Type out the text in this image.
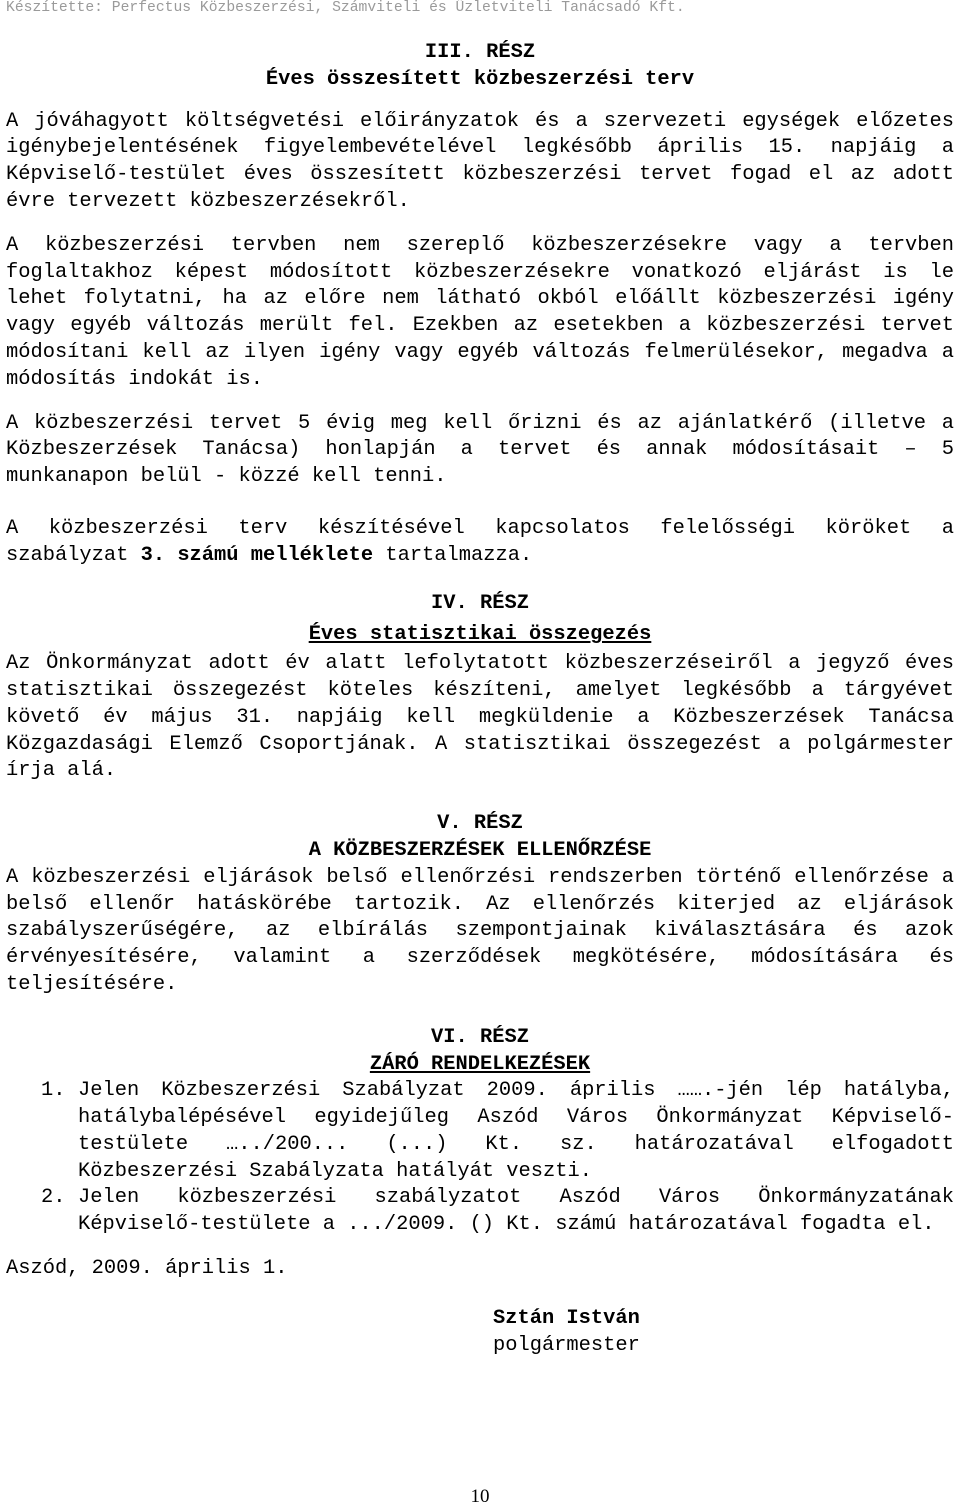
Készítette: Perfectus Közbeszerzési, Számviteli és Üzletviteli Tanácsadó Kft.
III. RÉSZ
Éves összesített közbeszerzési terv

A jóváhagyott költségvetési előirányzatok és a szervezeti egységek előzetes igénybejelentésének figyelembevételével legkésőbb április 15. napjáig a Képviselő-testület éves összesített közbeszerzési tervet fogad el az adott évre tervezett közbeszerzésekről.

A közbeszerzési tervben nem szereplő közbeszerzésekre vagy a tervben foglaltakhoz képest módosított közbeszerzésekre vonatkozó eljárást is le lehet folytatni, ha az előre nem látható okból előállt közbeszerzési igény vagy egyéb változás merült fel. Ezekben az esetekben a közbeszerzési tervet módosítani kell az ilyen igény vagy egyéb változás felmerülésekor, megadva a módosítás indokát is.

A közbeszerzési tervet 5 évig meg kell őrizni és az ajánlatkérő (illetve a Közbeszerzések Tanácsa) honlapján a tervet és annak módosításait – 5 munkanapon belül - közzé kell tenni.

A közbeszerzési terv készítésével kapcsolatos felelősségi köröket a szabályzat 3. számú melléklete tartalmazza.

IV. RÉSZ
Éves statisztikai összegezés

Az Önkormányzat adott év alatt lefolytatott közbeszerzéseiről a jegyző éves statisztikai összegezést köteles készíteni, amelyet legkésőbb a tárgyévet követő év május 31. napjáig kell megküldenie a Közbeszerzések Tanácsa Közgazdasági Elemző Csoportjának. A statisztikai összegezést a polgármester írja alá.

V. RÉSZ
A KÖZBESZERZÉSEK ELLENŐRZÉSE

A közbeszerzési eljárások belső ellenőrzési rendszerben történő ellenőrzése a belső ellenőr hatáskörébe tartozik. Az ellenőrzés kiterjed az eljárások szabályszerűségére, az elbírálás szempontjainak kiválasztására és azok érvényesítésére, valamint a szerződések megkötésére, módosítására és teljesítésére.

VI. RÉSZ
ZÁRÓ RENDELKEZÉSEK
1. Jelen Közbeszerzési Szabályzat 2009. április …….-jén lép hatályba, hatálybalépésével egyidejűleg Aszód Város Önkormányzat Képviselő-testülete …../200... (...) Kt. sz. határozatával elfogadott Közbeszerzési Szabályzata hatályát veszti.
2. Jelen közbeszerzési szabályzatot Aszód Város Önkormányzatának Képviselő-testülete a .../2009. () Kt. számú határozatával fogadta el.
Aszód, 2009. április 1.
Sztán István
polgármester
10
